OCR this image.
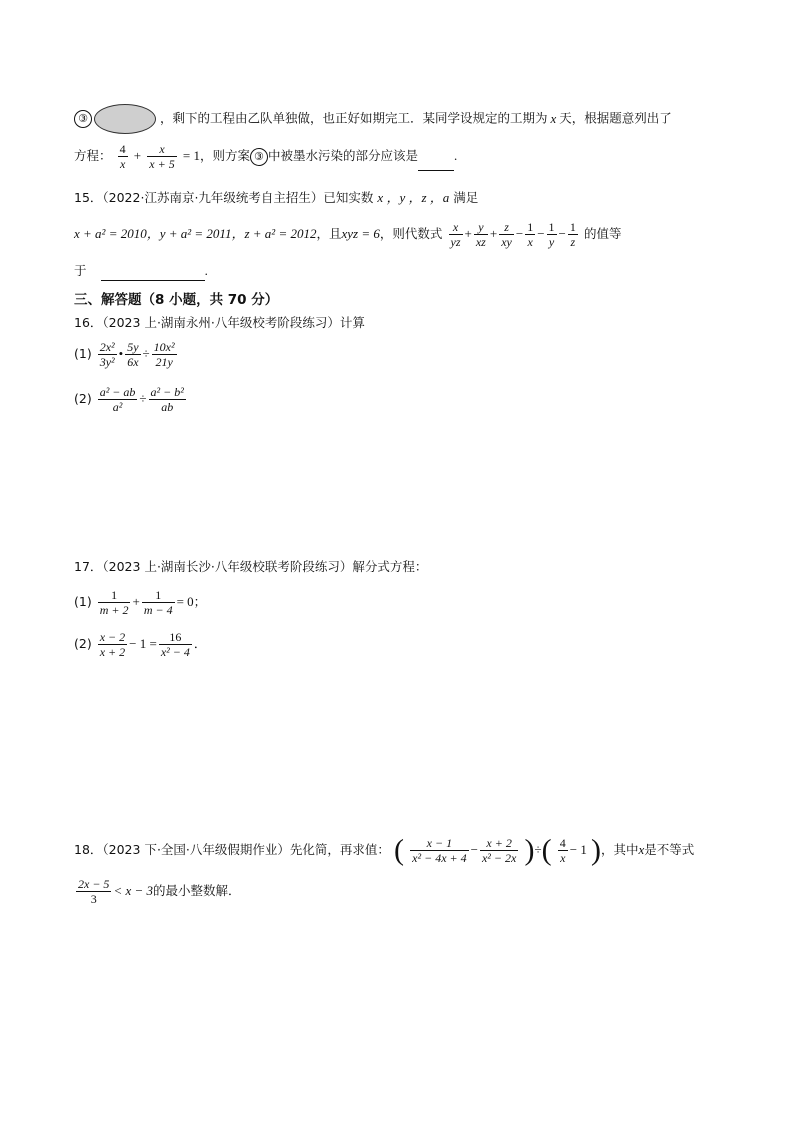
③	，剩下的工程由乙队单独做，也正好如期完工．某同学设规定的工期为 x 天，根据题意列出了
方程： $\frac{4}{x} + \frac{x}{x + 5} = 1$，则方案 ③ 中被墨水污染的部分应该是	.
15．（2022·江苏南京·九年级统考自主招生）已知实数 x ，y ，z ，a 满足
x + a² = 2010，y + a² = 2011，z + a² = 2012，且xyz = 6，则代数式 $\frac{x}{yz} + \frac{y}{xz} + \frac{z}{xy} - \frac{1}{x} - \frac{1}{y} - \frac{1}{z}$ 的值等
于	.
三、解答题（8 小题，共 70 分）
16．（2023 上·湖南永州·八年级校考阶段练习）计算
$(1) \frac{\text{2x²}}{\text{3y²}}$ • $\frac{5y}{6x} \div \frac{\text{10x²}}{21y}$
$(2) \frac{\text{a² − ab}}{\text{a²}} \div \frac{\text{a² − b²}}{ab}$
17．（2023 上·湖南长沙·八年级校联考阶段练习）解分式方程：
$(1) \frac{1}{m + 2} + \frac{1}{m - 4} = 0$；
$(2) \frac{x - 2}{x + 2} - 1 = \frac{16}{\text{x² − 4}}$ ．
18．（2023 下·全国·八年级假期作业）先化简，再求值： ( $\frac{x - 1}{\text{x² − 4x + 4}} - \frac{x + 2}{\text{x² − 2x}}$ )÷( $\frac{4}{x} - 1$ )，其中x是不等式
$\frac{2x - 5}{3} < x - 3$的最小整数解．
